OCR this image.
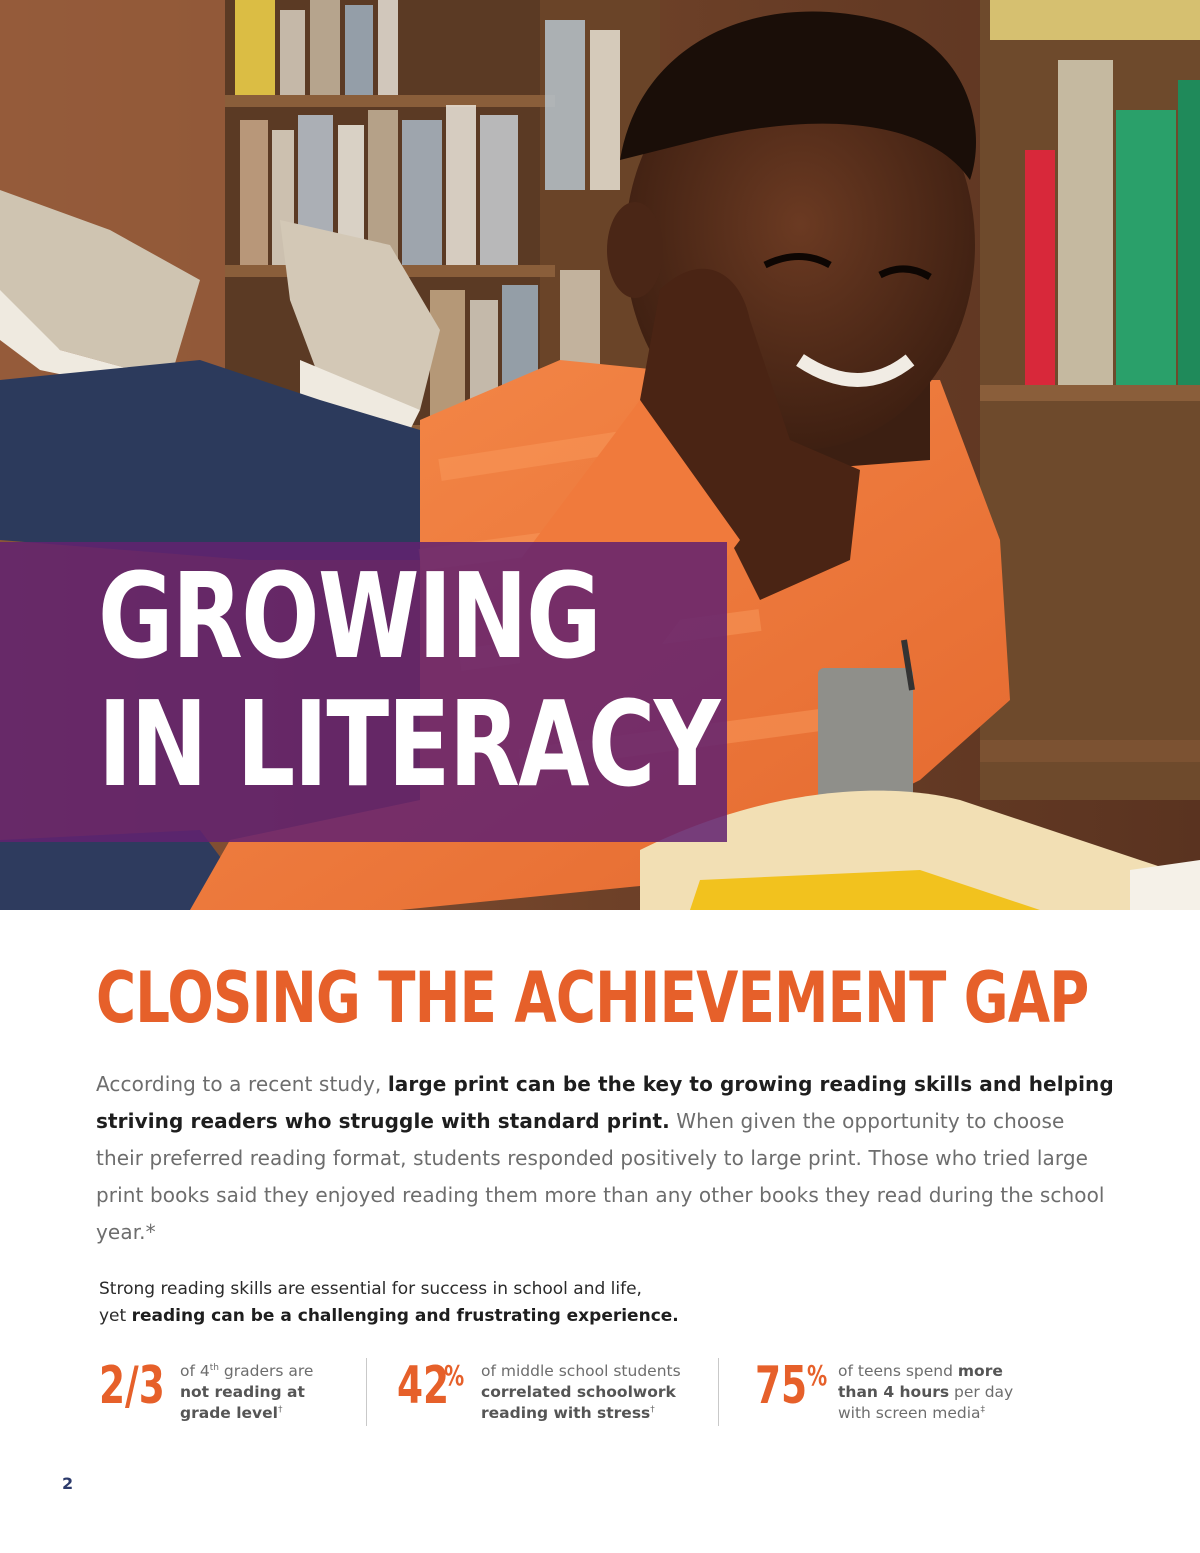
GROWING
IN LITERACY
CLOSING THE ACHIEVEMENT GAP

According to a recent study, large print can be the key to growing reading skills and helping striving readers who struggle with standard print. When given the opportunity to choose their preferred reading format, students responded positively to large print. Those who tried large print books said they enjoyed reading them more than any other books they read during the school year.*

Strong reading skills are essential for success in school and life,
yet reading can be a challenging and frustrating experience.

2/3 of 4th graders are
not reading at
grade level†	42
% of middle school students
correlated schoolwork
reading with stress†	75 % of teens spend more
than 4 hours per day
with screen media‡
2
